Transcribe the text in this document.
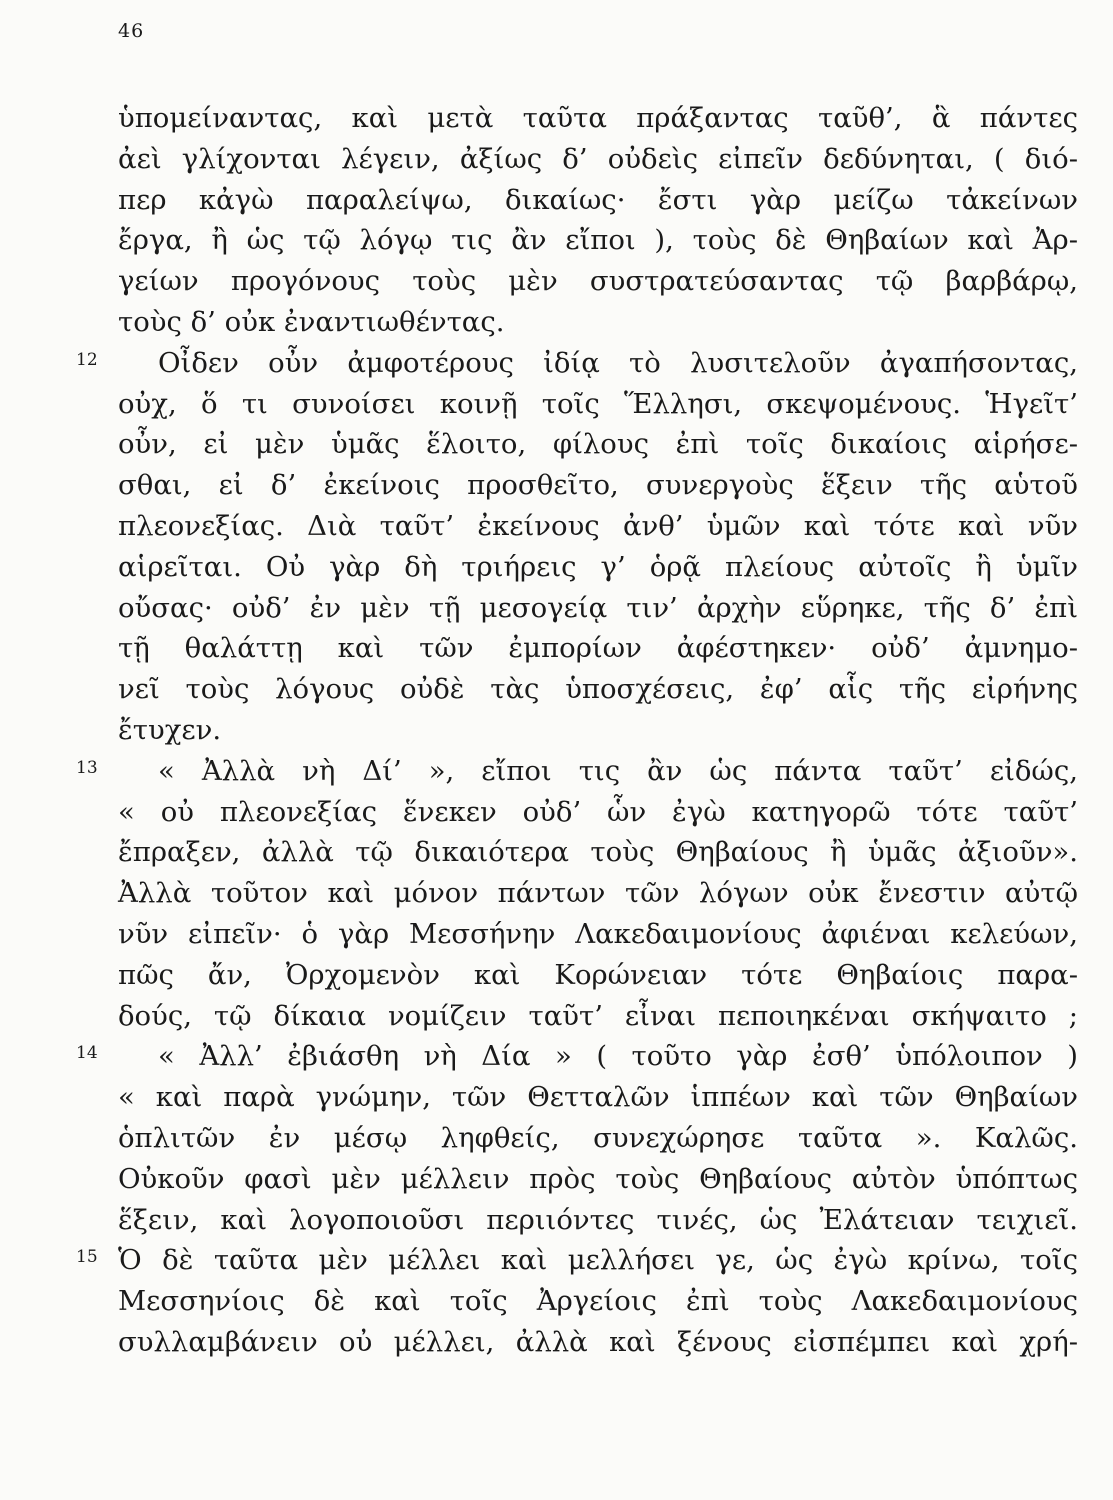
46
ὑπομείναντας, καὶ μετὰ ταῦτα πράξαντας ταῦθ’, ἃ πάντες
ἀεὶ γλίχονται λέγειν, ἀξίως δ’ οὐδεὶς εἰπεῖν δεδύνηται, ( διό-
περ κἀγὼ παραλείψω, δικαίως· ἔστι γὰρ μείζω τἀκείνων
ἔργα, ἢ ὡς τῷ λόγῳ τις ἂν εἴποι ), τοὺς δὲ Θηβαίων καὶ Ἀρ-
γείων προγόνους τοὺς μὲν συστρατεύσαντας τῷ βαρβάρῳ,
τοὺς δ’ οὐκ ἐναντιωθέντας.
12	Οἶδεν οὖν ἀμφοτέρους ἰδίᾳ τὸ λυσιτελοῦν ἀγαπήσοντας,
οὐχ, ὅ τι συνοίσει κοινῇ τοῖς Ἕλλησι, σκεψομένους. Ἡγεῖτ’
οὖν, εἰ μὲν ὑμᾶς ἕλοιτο, φίλους ἐπὶ τοῖς δικαίοις αἱρήσε-
σθαι, εἰ δ’ ἐκείνοις προσθεῖτο, συνεργοὺς ἕξειν τῆς αὑτοῦ
πλεονεξίας. Διὰ ταῦτ’ ἐκείνους ἀνθ’ ὑμῶν καὶ τότε καὶ νῦν
αἱρεῖται. Οὐ γὰρ δὴ τριήρεις γ’ ὁρᾷ πλείους αὐτοῖς ἢ ὑμῖν
οὔσας· οὐδ’ ἐν μὲν τῇ μεσογείᾳ τιν’ ἀρχὴν εὕρηκε, τῆς δ’ ἐπὶ
τῇ θαλάττῃ καὶ τῶν ἐμπορίων ἀφέστηκεν· οὐδ’ ἀμνημο-
νεῖ τοὺς λόγους οὐδὲ τὰς ὑποσχέσεις, ἐφ’ αἷς τῆς εἰρήνης
ἔτυχεν.
13	« Ἀλλὰ νὴ Δί’ », εἴποι τις ἂν ὡς πάντα ταῦτ’ εἰδώς,
« οὐ πλεονεξίας ἕνεκεν οὐδ’ ὧν ἐγὼ κατηγορῶ τότε ταῦτ’
ἔπραξεν, ἀλλὰ τῷ δικαιότερα τοὺς Θηβαίους ἢ ὑμᾶς ἀξιοῦν».
Ἀλλὰ τοῦτον καὶ μόνον πάντων τῶν λόγων οὐκ ἔνεστιν αὐτῷ
νῦν εἰπεῖν· ὁ γὰρ Μεσσήνην Λακεδαιμονίους ἀφιέναι κελεύων,
πῶς ἄν, Ὀρχομενὸν καὶ Κορώνειαν τότε Θηβαίοις παρα-
δούς, τῷ δίκαια νομίζειν ταῦτ’ εἶναι πεποιηκέναι σκήψαιτο ;
14	« Ἀλλ’ ἐβιάσθη νὴ Δία » ( τοῦτο γὰρ ἐσθ’ ὑπόλοιπον )
« καὶ παρὰ γνώμην, τῶν Θετταλῶν ἱππέων καὶ τῶν Θηβαίων
ὁπλιτῶν ἐν μέσῳ ληφθείς, συνεχώρησε ταῦτα ». Καλῶς.
Οὐκοῦν φασὶ μὲν μέλλειν πρὸς τοὺς Θηβαίους αὐτὸν ὑπόπτως
ἕξειν, καὶ λογοποιοῦσι περιιόντες τινές, ὡς Ἐλάτειαν τειχιεῖ.
15 Ὁ δὲ ταῦτα μὲν μέλλει καὶ μελλήσει γε, ὡς ἐγὼ κρίνω, τοῖς
Μεσσηνίοις δὲ καὶ τοῖς Ἀργείοις ἐπὶ τοὺς Λακεδαιμονίους
συλλαμβάνειν οὐ μέλλει, ἀλλὰ καὶ ξένους εἰσπέμπει καὶ χρή-
